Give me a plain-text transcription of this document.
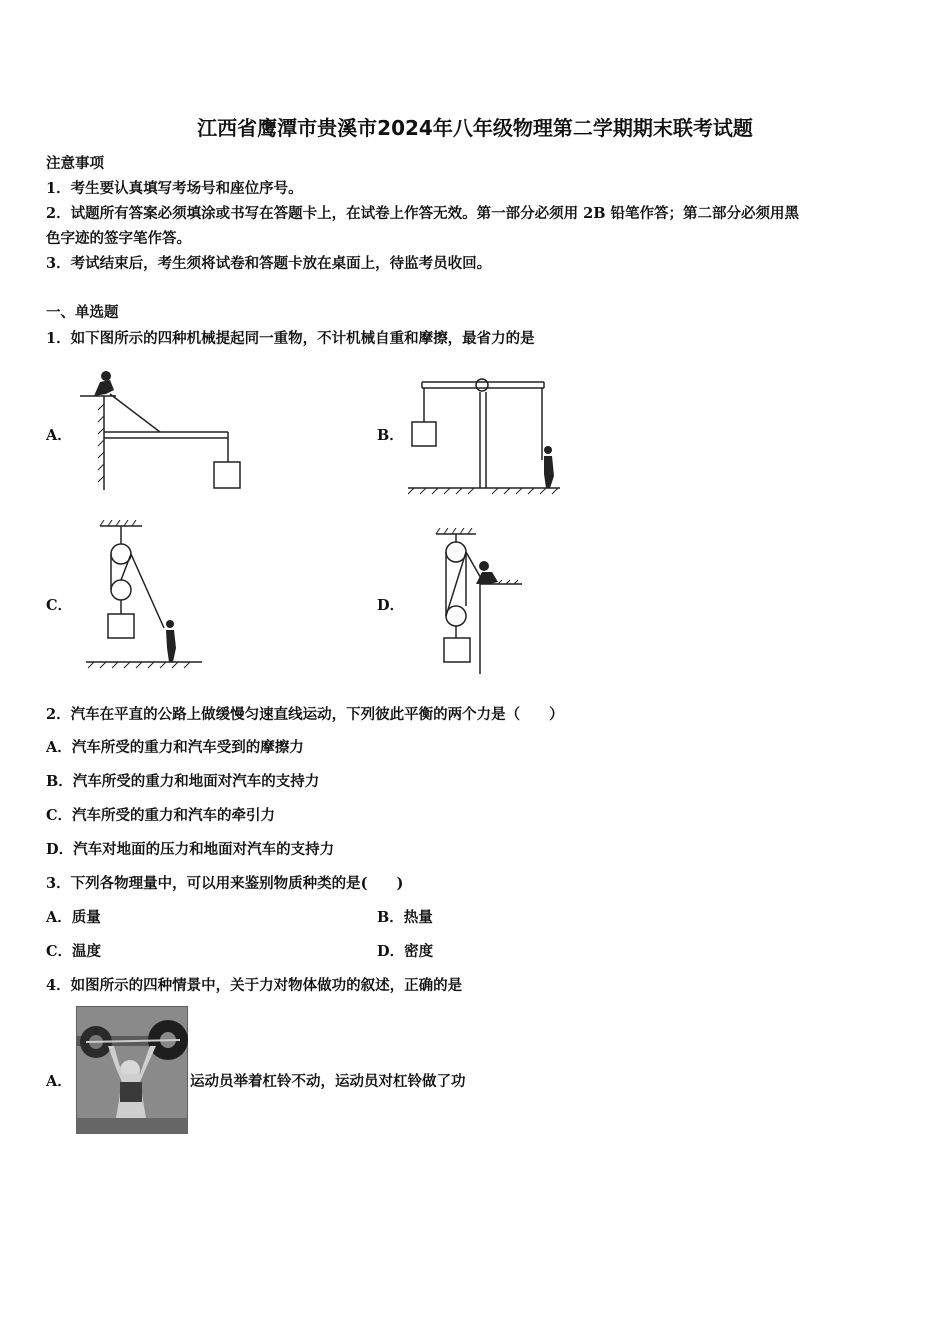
江西省鹰潭市贵溪市2024年八年级物理第二学期期末联考试题
注意事项
1．考生要认真填写考场号和座位序号。
2．试题所有答案必须填涂或书写在答题卡上，在试卷上作答无效。第一部分必须用 2B 铅笔作答；第二部分必须用黑
色字迹的签字笔作答。
3．考试结束后，考生须将试卷和答题卡放在桌面上，待监考员收回。
一、单选题
1．如下图所示的四种机械提起同一重物，不计机械自重和摩擦，最省力的是
A．	B．
C．	D．
2．汽车在平直的公路上做缓慢匀速直线运动，下列彼此平衡的两个力是（　　）
A．汽车所受的重力和汽车受到的摩擦力
B．汽车所受的重力和地面对汽车的支持力
C．汽车所受的重力和汽车的牵引力
D．汽车对地面的压力和地面对汽车的支持力
3．下列各物理量中，可以用来鉴别物质种类的是(　　)
A．质量	B．热量
C．温度	D．密度
4．如图所示的四种情景中，关于力对物体做功的叙述，正确的是
A．	运动员举着杠铃不动，运动员对杠铃做了功
